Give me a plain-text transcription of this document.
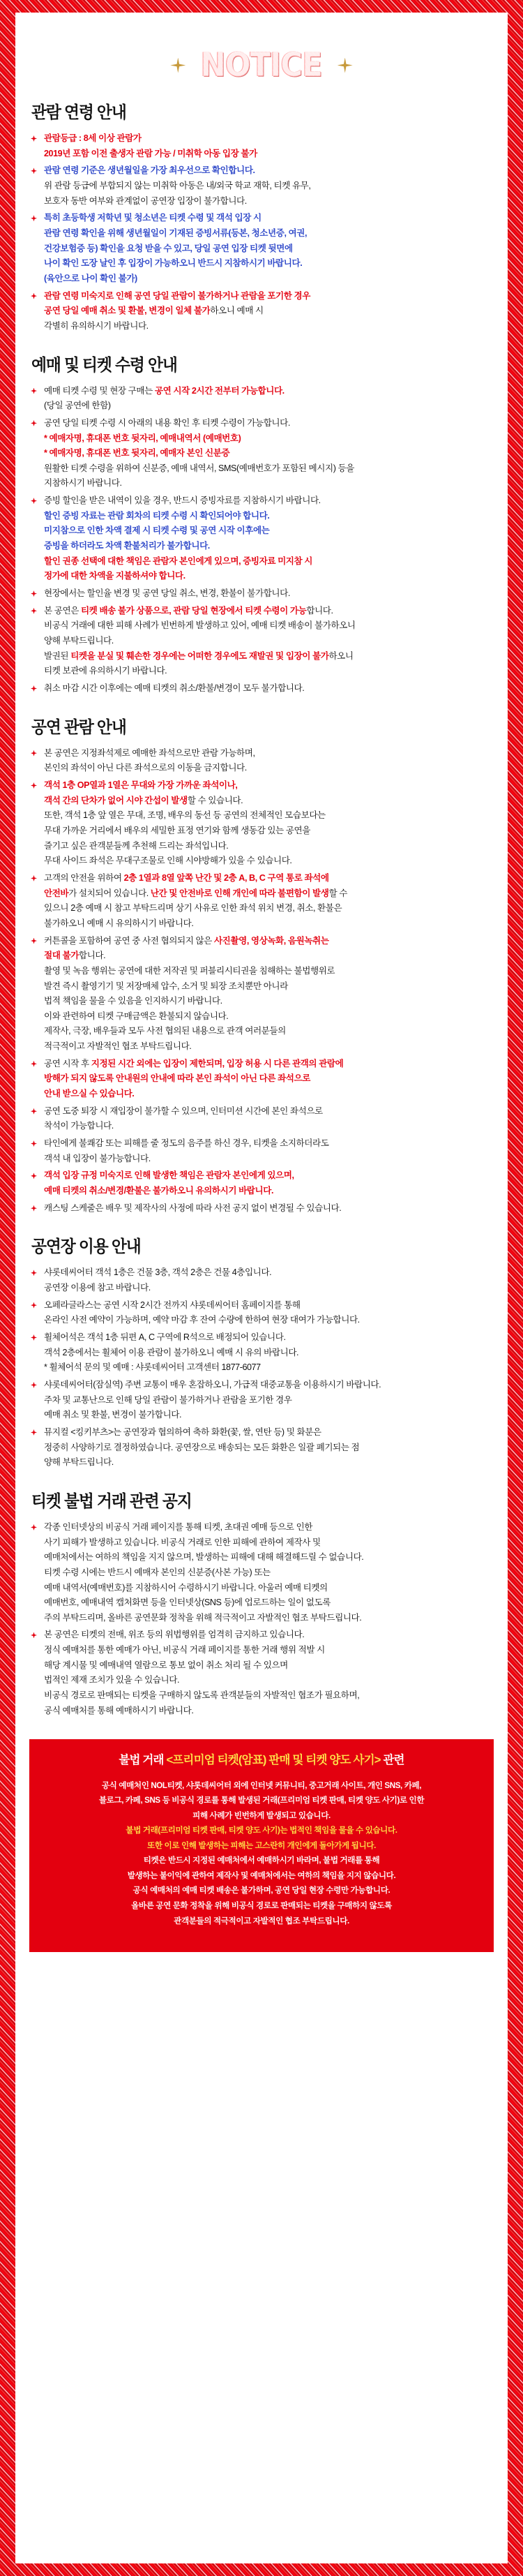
NOTICE
관람 연령 안내
관람등급 : 8세 이상 관람가
2019년 포함 이전 출생자 관람 가능 / 미취학 아동 입장 불가
관람 연령 기준은 생년월일을 가장 최우선으로 확인합니다.
위 관람 등급에 부합되지 않는 미취학 아동은 내/외국 학교 재학, 티켓 유무,
보호자 동반 여부와 관계없이 공연장 입장이 불가합니다.
특히 초등학생 저학년 및 청소년은 티켓 수령 및 객석 입장 시
관람 연령 확인을 위해 생년월일이 기재된 증빙서류(등본, 청소년증, 여권,
건강보험증 등) 확인을 요청 받을 수 있고, 당일 공연 입장 티켓 뒷면에
나이 확인 도장 날인 후 입장이 가능하오니 반드시 지참하시기 바랍니다.
(육안으로 나이 확인 불가)
관람 연령 미숙지로 인해 공연 당일 관람이 불가하거나 관람을 포기한 경우
공연 당일 예매 취소 및 환불, 변경이 일체 불가하오니 예매 시
각별히 유의하시기 바랍니다.
예매 및 티켓 수령 안내
예매 티켓 수령 및 현장 구매는 공연 시작 2시간 전부터 가능합니다.
(당일 공연에 한함)
공연 당일 티켓 수령 시 아래의 내용 확인 후 티켓 수령이 가능합니다.
* 예매자명, 휴대폰 번호 뒷자리, 예매내역서 (예매번호)
* 예매자명, 휴대폰 번호 뒷자리, 예매자 본인 신분증
원활한 티켓 수령을 위하여 신분증, 예매 내역서, SMS(예매번호가 포함된 메시지) 등을
지참하시기 바랍니다.
증빙 할인을 받은 내역이 있을 경우, 반드시 증빙자료를 지참하시기 바랍니다.
할인 증빙 자료는 관람 회차의 티켓 수령 시 확인되어야 합니다.
미지참으로 인한 차액 결제 시 티켓 수령 및 공연 시작 이후에는
증빙을 하더라도 차액 환불처리가 불가합니다.
할인 권종 선택에 대한 책임은 관람자 본인에게 있으며, 증빙자료 미지참 시
정가에 대한 차액을 지불하셔야 합니다.
현장에서는 할인율 변경 및 공연 당일 취소, 변경, 환불이 불가합니다.
본 공연은 티켓 배송 불가 상품으로, 관람 당일 현장에서 티켓 수령이 가능합니다.
비공식 거래에 대한 피해 사례가 빈번하게 발생하고 있어, 예매 티켓 배송이 불가하오니
양해 부탁드립니다.
발권된 티켓을 분실 및 훼손한 경우에는 어떠한 경우에도 재발권 및 입장이 불가하오니
티켓 보관에 유의하시기 바랍니다.
취소 마감 시간 이후에는 예매 티켓의 취소/환불/변경이 모두 불가합니다.
공연 관람 안내
본 공연은 지정좌석제로 예매한 좌석으로만 관람 가능하며,
본인의 좌석이 아닌 다른 좌석으로의 이동을 금지합니다.
객석 1층 OP열과 1열은 무대와 가장 가까운 좌석이나,
객석 간의 단차가 없어 시야 간섭이 발생할 수 있습니다.
또한, 객석 1층 앞 열은 무대, 조명, 배우의 동선 등 공연의 전체적인 모습보다는
무대 가까운 거리에서 배우의 세밀한 표정 연기와 함께 생동감 있는 공연을
즐기고 싶은 관객분들께 추천해 드리는 좌석입니다.
무대 사이드 좌석은 무대구조물로 인해 시야방해가 있을 수 있습니다.
고객의 안전을 위하여 2층 1열과 8열 앞쪽 난간 및 2층 A, B, C 구역 통로 좌석에
안전바가 설치되어 있습니다. 난간 및 안전바로 인해 개인에 따라 불편함이 발생할 수
있으니 2층 예매 시 참고 부탁드리며 상기 사유로 인한 좌석 위치 변경, 취소, 환불은
불가하오니 예매 시 유의하시기 바랍니다.
커튼콜을 포함하여 공연 중 사전 협의되지 않은 사진촬영, 영상녹화, 음원녹취는
절대 불가합니다.
촬영 및 녹음 행위는 공연에 대한 저작권 및 퍼블리시티권을 침해하는 불법행위로
발견 즉시 촬영기기 및 저장매체 압수, 소거 및 퇴장 조치뿐만 아니라
법적 책임을 물을 수 있음을 인지하시기 바랍니다.
이와 관련하여 티켓 구매금액은 환불되지 않습니다.
제작사, 극장, 배우들과 모두 사전 협의된 내용으로 관객 여러분들의
적극적이고 자발적인 협조 부탁드립니다.
공연 시작 후 지정된 시간 외에는 입장이 제한되며, 입장 허용 시 다른 관객의 관람에
방해가 되지 않도록 안내원의 안내에 따라 본인 좌석이 아닌 다른 좌석으로
안내 받으실 수 있습니다.
공연 도중 퇴장 시 재입장이 불가할 수 있으며, 인터미션 시간에 본인 좌석으로
착석이 가능합니다.
타인에게 불쾌감 또는 피해를 줄 정도의 음주를 하신 경우, 티켓을 소지하더라도
객석 내 입장이 불가능합니다.
객석 입장 규정 미숙지로 인해 발생한 책임은 관람자 본인에게 있으며,
예매 티켓의 취소/변경/환불은 불가하오니 유의하시기 바랍니다.
캐스팅 스케줄은 배우 및 제작사의 사정에 따라 사전 공지 없이 변경될 수 있습니다.
공연장 이용 안내
샤롯데씨어터 객석 1층은 건물 3층, 객석 2층은 건물 4층입니다.
공연장 이용에 참고 바랍니다.
오페라글라스는 공연 시작 2시간 전까지 샤롯데씨어터 홈페이지를 통해
온라인 사전 예약이 가능하며, 예약 마감 후 잔여 수량에 한하여 현장 대여가 가능합니다.
휠체어석은 객석 1층 뒤편 A, C 구역에 R석으로 배정되어 있습니다.
객석 2층에서는 휠체어 이용 관람이 불가하오니 예매 시 유의 바랍니다.
* 휠체어석 문의 및 예매 : 샤롯데씨어터 고객센터 1877-6077
샤롯데씨어터(잠실역) 주변 교통이 매우 혼잡하오니, 가급적 대중교통을 이용하시기 바랍니다.
주차 및 교통난으로 인해 당일 관람이 불가하거나 관람을 포기한 경우
예매 취소 및 환불, 변경이 불가합니다.
뮤지컬 <킹키부츠>는 공연장과 협의하여 축하 화환(꽃, 쌀, 연탄 등) 및 화분은
정중히 사양하기로 결정하였습니다. 공연장으로 배송되는 모든 화환은 일괄 폐기되는 점
양해 부탁드립니다.
티켓 불법 거래 관련 공지
각종 인터넷상의 비공식 거래 페이지를 통해 티켓, 초대권 예매 등으로 인한
사기 피해가 발생하고 있습니다. 비공식 거래로 인한 피해에 관하여 제작사 및
예매처에서는 여하의 책임을 지지 않으며, 발생하는 피해에 대해 해결해드릴 수 없습니다.
티켓 수령 시에는 반드시 예매자 본인의 신분증(사본 가능) 또는
예매 내역서(예매번호)를 지참하시어 수령하시기 바랍니다. 아울러 예매 티켓의
예매번호, 예매내역 캡처화면 등을 인터넷상(SNS 등)에 업로드하는 일이 없도록
주의 부탁드리며, 올바른 공연문화 정착을 위해 적극적이고 자발적인 협조 부탁드립니다.
본 공연은 티켓의 전매, 위조 등의 위법행위를 엄격히 금지하고 있습니다.
정식 예매처를 통한 예매가 아닌, 비공식 거래 페이지를 통한 거래 행위 적발 시
해당 계시물 및 예매내역 열람으로 통보 없이 취소 처리 될 수 있으며
법적인 제재 조치가 있을 수 있습니다.
비공식 경로로 판매되는 티켓을 구매하지 않도록 관객분들의 자발적인 협조가 필요하며,
공식 예매처를 통해 예매하시기 바랍니다.
불법 거래 <프리미엄 티켓(암표) 판매 및 티켓 양도 사기> 관련
공식 예매처인 NOL티켓, 샤롯데씨어터 외에 인터넷 커뮤니티, 중고거래 사이트, 개인 SNS, 카페,
블로그, 카페, SNS 등 비공식 경로를 통해 발생된 거래(프리미엄 티켓 판매, 티켓 양도 사기)로 인한
피해 사례가 빈번하게 발생되고 있습니다.
불법 거래(프리미엄 티켓 판매, 티켓 양도 사기)는 법적인 책임을 물을 수 있습니다.
또한 이로 인해 발생하는 피해는 고스란히 개인에게 돌아가게 됩니다.
티켓은 반드시 지정된 예매처에서 예매하시기 바라며, 불법 거래를 통해
발생하는 불이익에 관하여 제작사 및 예매처에서는 여하의 책임을 지지 않습니다.
공식 예매처의 예매 티켓 배송은 불가하며, 공연 당일 현장 수령만 가능합니다.
올바른 공연 문화 정착을 위해 비공식 경로로 판매되는 티켓을 구매하지 않도록
관객분들의 적극적이고 자발적인 협조 부탁드립니다.
